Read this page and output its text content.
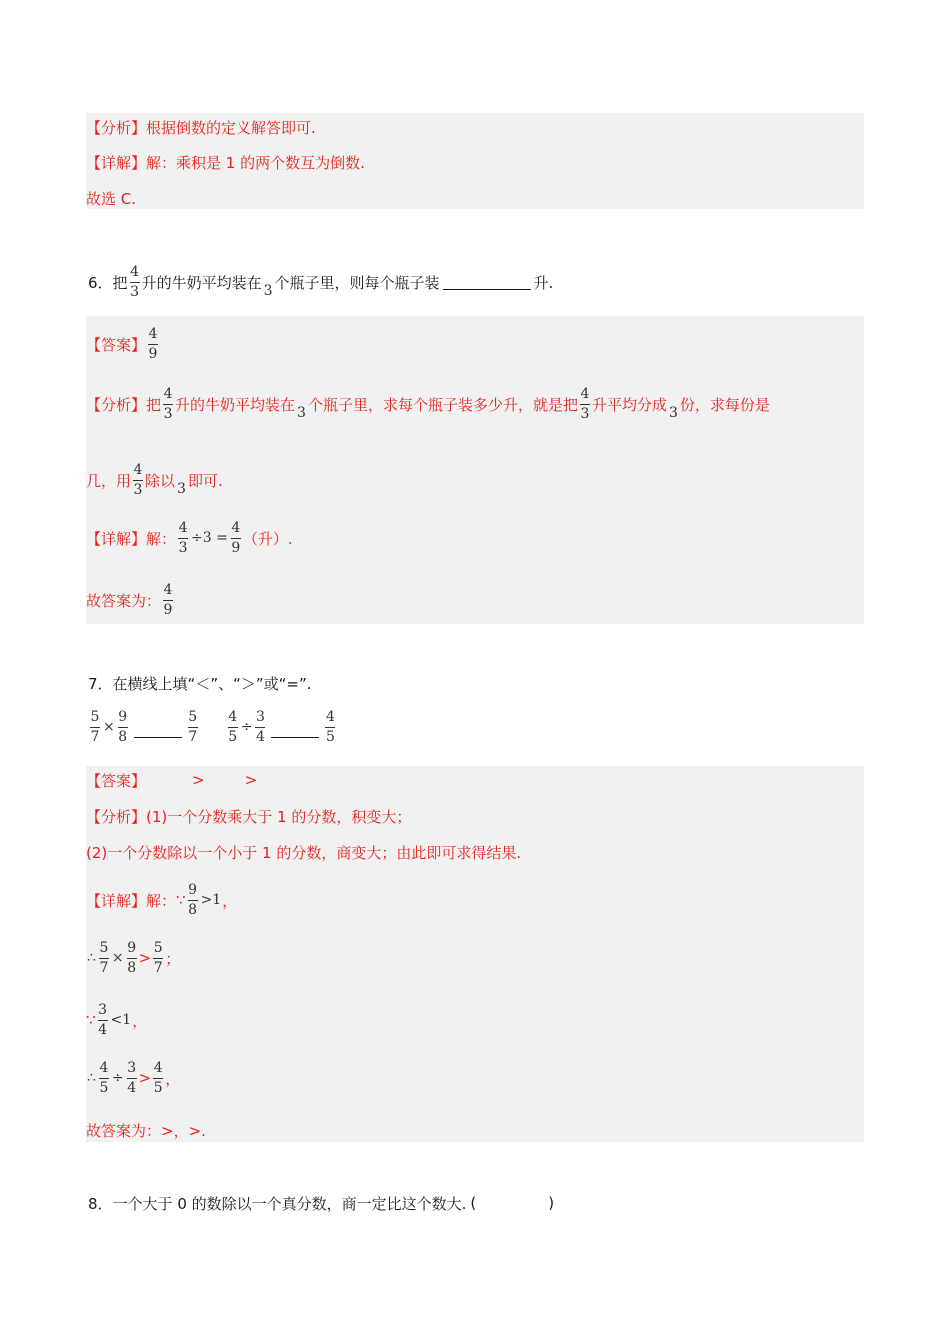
【分析】 根据倒数的定义解答即可.
【详解】 解：乘积是 1 的两个数互为倒数.
故选 C.
6． 把 $\frac{4}{3}$ 升的牛奶平均装在 3 个瓶子里，则每个瓶子装	升.
【答案】 $\frac{4}{9}$
【分析】 把 $\frac{4}{3}$ 升的牛奶平均装在 3 个瓶子里，求每个瓶子装多少升，就是把 $\frac{4}{3}$ 升平均分成 3 份，求每份是
几，用 $\frac{4}{3}$ 除以 3 即可.
【详解】 解： $\frac{4}{3} \div 3 = \frac{4}{9}$ （升）.
故答案为： $\frac{4}{9}$
7． 在横线上填“＜”、“＞”或“=”.
$\frac{5}{7} \times \frac{9}{8}$	$\frac{5}{7} \frac{4}{5} \div \frac{3}{4}$	$\frac{4}{5}$
【答案】	>	>
【分析】 (1)一个分数乘大于 1 的分数，积变大；
(2)一个分数除以一个小于 1 的分数，商变大；由此即可求得结果.
【详解】 解： ∵ $\frac{9}{8} >1$ ，
∴ $\frac{5}{7} \times \frac{9}{8} > \frac{5}{7}$ ；
∵ $\frac{3}{4} <1$ ，
∴ $\frac{4}{5} \div \frac{3}{4} > \frac{4}{5}$ ，
故答案为：>，>.
8． 一个大于 0 的数除以一个真分数，商一定比这个数大. (	)
